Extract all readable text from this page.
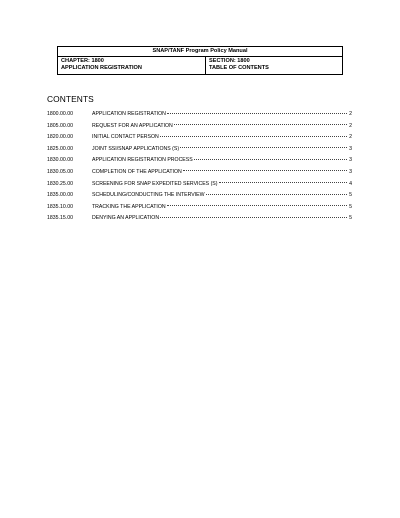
SNAP/TANF Program Policy Manual

CHAPTER: 1800
APPLICATION REGISTRATION

SECTION: 1800
TABLE OF CONTENTS
CONTENTS
1800.00.00	APPLICATION REGISTRATION	2
1805.00.00	REQUEST FOR AN APPLICATION	2
1820.00.00	INITIAL CONTACT PERSON	2
1825.00.00	JOINT SSI/SNAP APPLICATIONS (S)	3
1830.00.00	APPLICATION REGISTRATION PROCESS	3
1830.05.00	COMPLETION OF THE APPLICATION	3
1830.25.00	SCREENING FOR SNAP EXPEDITED SERVICES (S)	4
1835.00.00	SCHEDULING/CONDUCTING THE INTERVIEW	5
1835.10.00	TRACKING THE APPLICATION	5
1835.15.00	DENYING AN APPLICATION	5
